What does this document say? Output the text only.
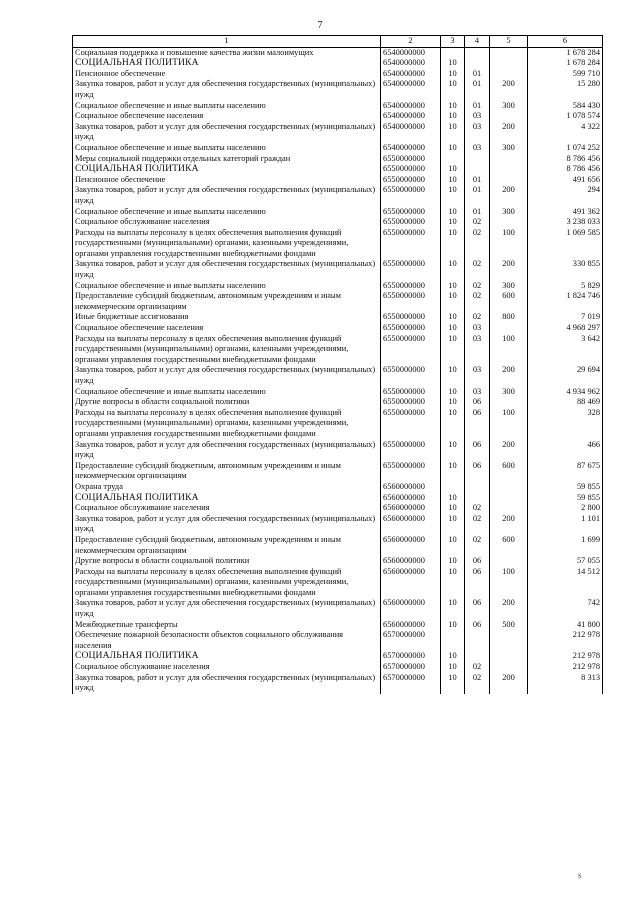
7
1	2	3	4	5	6
Социальная поддержка и повышение качества жизни малоимущих	6540000000				1 678 284
СОЦИАЛЬНАЯ ПОЛИТИКА	6540000000	10			1 678 284
Пенсионное обеспечение	6540000000	10	01		599 710
Закупка товаров, работ и услуг для обеспечения государственных (муниципальных) нужд	6540000000	10	01	200	15 280
Социальное обеспечение и иные выплаты населению	6540000000	10	01	300	584 430
Социальное обеспечение населения	6540000000	10	03		1 078 574
Закупка товаров, работ и услуг для обеспечения государственных (муниципальных) нужд	6540000000	10	03	200	4 322
Социальное обеспечение и иные выплаты населению	6540000000	10	03	300	1 074 252
Меры социальной поддержки отдельных категорий граждан	6550000000				8 786 456
СОЦИАЛЬНАЯ ПОЛИТИКА	6550000000	10			8 786 456
Пенсионное обеспечение	6550000000	10	01		491 656
Закупка товаров, работ и услуг для обеспечения государственных (муниципальных) нужд	6550000000	10	01	200	294
Социальное обеспечение и иные выплаты населению	6550000000	10	01	300	491 362
Социальное обслуживание населения	6550000000	10	02		3 238 033
Расходы на выплаты персоналу в целях обеспечения выполнения функций государственными (муниципальными) органами, казенными учреждениями, органами управления государственными внебюджетными фондами	6550000000	10	02	100	1 069 585
Закупка товаров, работ и услуг для обеспечения государственных (муниципальных) нужд	6550000000	10	02	200	330 855
Социальное обеспечение и иные выплаты населению	6550000000	10	02	300	5 829
Предоставление субсидий бюджетным, автономным учреждениям и иным некоммерческим организациям	6550000000	10	02	600	1 824 746
Иные бюджетные ассигнования	6550000000	10	02	800	7 019
Социальное обеспечение населения	6550000000	10	03		4 968 297
Расходы на выплаты персоналу в целях обеспечения выполнения функций государственными (муниципальными) органами, казенными учреждениями, органами управления государственными внебюджетными фондами	6550000000	10	03	100	3 642
Закупка товаров, работ и услуг для обеспечения государственных (муниципальных) нужд	6550000000	10	03	200	29 694
Социальное обеспечение и иные выплаты населению	6550000000	10	03	300	4 934 962
Другие вопросы в области социальной политики	6550000000	10	06		88 469
Расходы на выплаты персоналу в целях обеспечения выполнения функций государственными (муниципальными) органами, казенными учреждениями, органами управления государственными внебюджетными фондами	6550000000	10	06	100	328
Закупка товаров, работ и услуг для обеспечения государственных (муниципальных) нужд	6550000000	10	06	200	466
Предоставление субсидий бюджетным, автономным учреждениям и иным некоммерческим организациям	6550000000	10	06	600	87 675
Охрана труда	6560000000				59 855
СОЦИАЛЬНАЯ ПОЛИТИКА	6560000000	10			59 855
Социальное обслуживание населения	6560000000	10	02		2 800
Закупка товаров, работ и услуг для обеспечения государственных (муниципальных) нужд	6560000000	10	02	200	1 101
Предоставление субсидий бюджетным, автономным учреждениям и иным некоммерческим организациям	6560000000	10	02	600	1 699
Другие вопросы в области социальной политики	6560000000	10	06		57 055
Расходы на выплаты персоналу в целях обеспечения выполнения функций государственными (муниципальными) органами, казенными учреждениями, органами управления государственными внебюджетными фондами	6560000000	10	06	100	14 512
Закупка товаров, работ и услуг для обеспечения государственных (муниципальных) нужд	6560000000	10	06	200	742
Межбюджетные трансферты	6560000000	10	06	500	41 800
Обеспечение пожарной безопасности объектов социального обслуживания населения	6570000000				212 978
СОЦИАЛЬНАЯ ПОЛИТИКА	6570000000	10			212 978
Социальное обслуживание населения	6570000000	10	02		212 978
Закупка товаров, работ и услуг для обеспечения государственных (муниципальных) нужд	6570000000	10	02	200	8 313
s
